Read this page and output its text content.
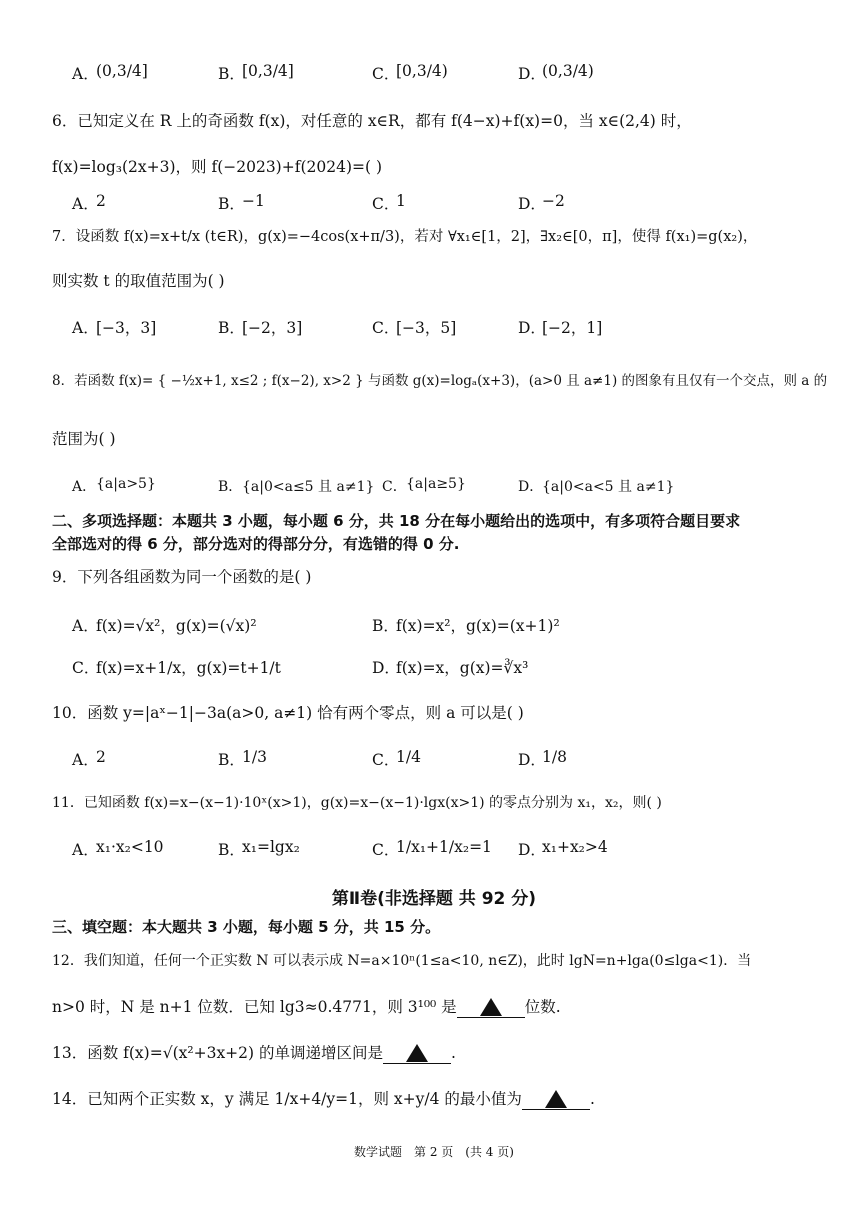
A．
(0,3/4]	B．
[0,3/4]	C．
[0,3/4)	D．
(0,3/4)
6．已知定义在 R 上的奇函数 f(x)，对任意的 x∈R，都有 f(4−x)+f(x)=0，当 x∈(2,4) 时，
f(x)=log₃(2x+3)，则 f(−2023)+f(2024)=( )
A．
2	B．
−1	C．
1	D．
−2
7．设函数 f(x)=x+t/x (t∈R)，g(x)=−4cos(x+π/3)，若对 ∀x₁∈[1，2]，∃x₂∈[0，π]，使得 f(x₁)=g(x₂)，
则实数 t 的取值范围为( )
A．
[−3，3]	B．
[−2，3]	C．
[−3，5]	D．
[−2，1]
8．若函数 f(x)= { −½x+1, x≤2 ; f(x−2), x>2 } 与函数 g(x)=logₐ(x+3)，(a>0 且 a≠1) 的图象有且仅有一个交点，则 a 的
范围为( )
A． {a|a>5}	B． {a|0<a≤5 且 a≠1} C． {a|a≥5}	D．
{a|0<a<5 且 a≠1}
二、多项选择题：本题共 3 小题，每小题 6 分，共 18 分在每小题给出的选项中，有多项符合题目要求
全部选对的得 6 分，部分选对的得部分分，有选错的得 0 分.
9．下列各组函数为同一个函数的是( )
A．
f(x)=√x²，g(x)=(√x)²	B．
f(x)=x²，g(x)=(x+1)²
C．
f(x)=x+1/x，g(x)=t+1/t	D．
f(x)=x，g(x)=∛x³
10．函数 y=|aˣ−1|−3a(a>0, a≠1) 恰有两个零点，则 a 可以是( )
A．
2	B．
1/3	C．
1/4	D．
1/8
11．已知函数 f(x)=x−(x−1)·10ˣ(x>1)，g(x)=x−(x−1)·lgx(x>1) 的零点分别为 x₁，x₂，则( )
A．
x₁·x₂<10	B．
x₁=lgx₂	C．
1/x₁+1/x₂=1 D．
x₁+x₂>4
第Ⅱ卷(非选择题 共 92 分)
三、填空题：本大题共 3 小题，每小题 5 分，共 15 分。
12．我们知道，任何一个正实数 N 可以表示成 N=a×10ⁿ(1≤a<10, n∈Z)，此时 lgN=n+lga(0≤lga<1)．当
n>0 时，N 是 n+1 位数．已知 lg3≈0.4771，则 3¹⁰⁰ 是	位数.
13．函数 f(x)=√(x²+3x+2) 的单调递增区间是	.
14．已知两个正实数 x，y 满足 1/x+4/y=1，则 x+y/4 的最小值为	.
数学试题　第 2 页　(共 4 页)
